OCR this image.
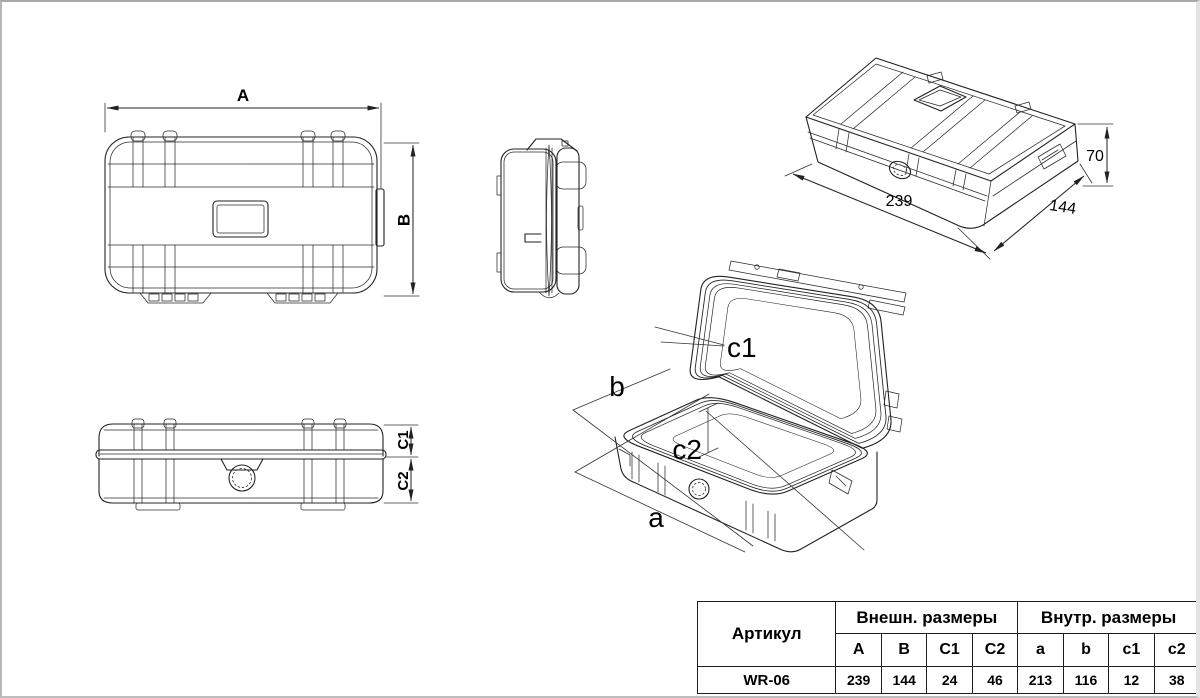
A
B
239	144
70
C1
C2
c1
c2
b
a
Артикул	Внешн. размеры				Внутр. размеры			
	A	B	C1	C2	a	b	c1	c2
WR-06	239	144	24	46	213	116	12	38
